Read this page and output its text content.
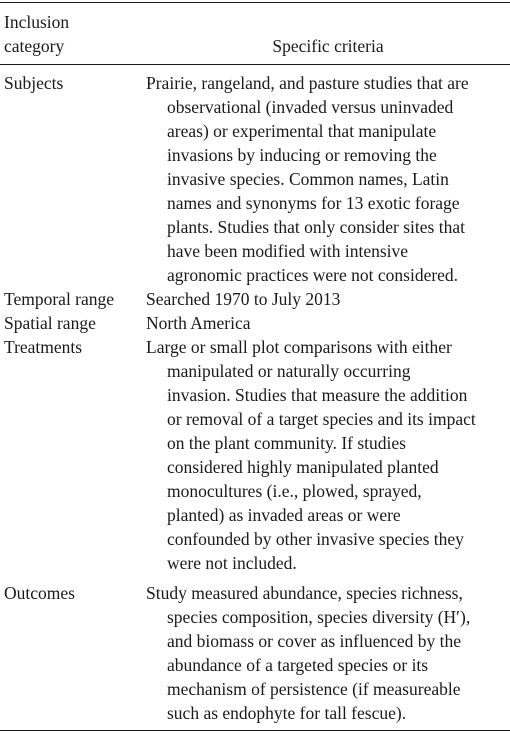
Inclusion
category	Specific criteria
Subjects	Prairie, rangeland, and pasture studies that are
observational (invaded versus uninvaded
areas) or experimental that manipulate
invasions by inducing or removing the
invasive species. Common names, Latin
names and synonyms for 13 exotic forage
plants. Studies that only consider sites that
have been modified with intensive
agronomic practices were not considered.
Temporal range	Searched 1970 to July 2013
Spatial range	North America
Treatments	Large or small plot comparisons with either
manipulated or naturally occurring
invasion. Studies that measure the addition
or removal of a target species and its impact
on the plant community. If studies
considered highly manipulated planted
monocultures (i.e., plowed, sprayed,
planted) as invaded areas or were
confounded by other invasive species they
were not included.
Outcomes	Study measured abundance, species richness,
species composition, species diversity (H′),
and biomass or cover as influenced by the
abundance of a targeted species or its
mechanism of persistence (if measureable
such as endophyte for tall fescue).
